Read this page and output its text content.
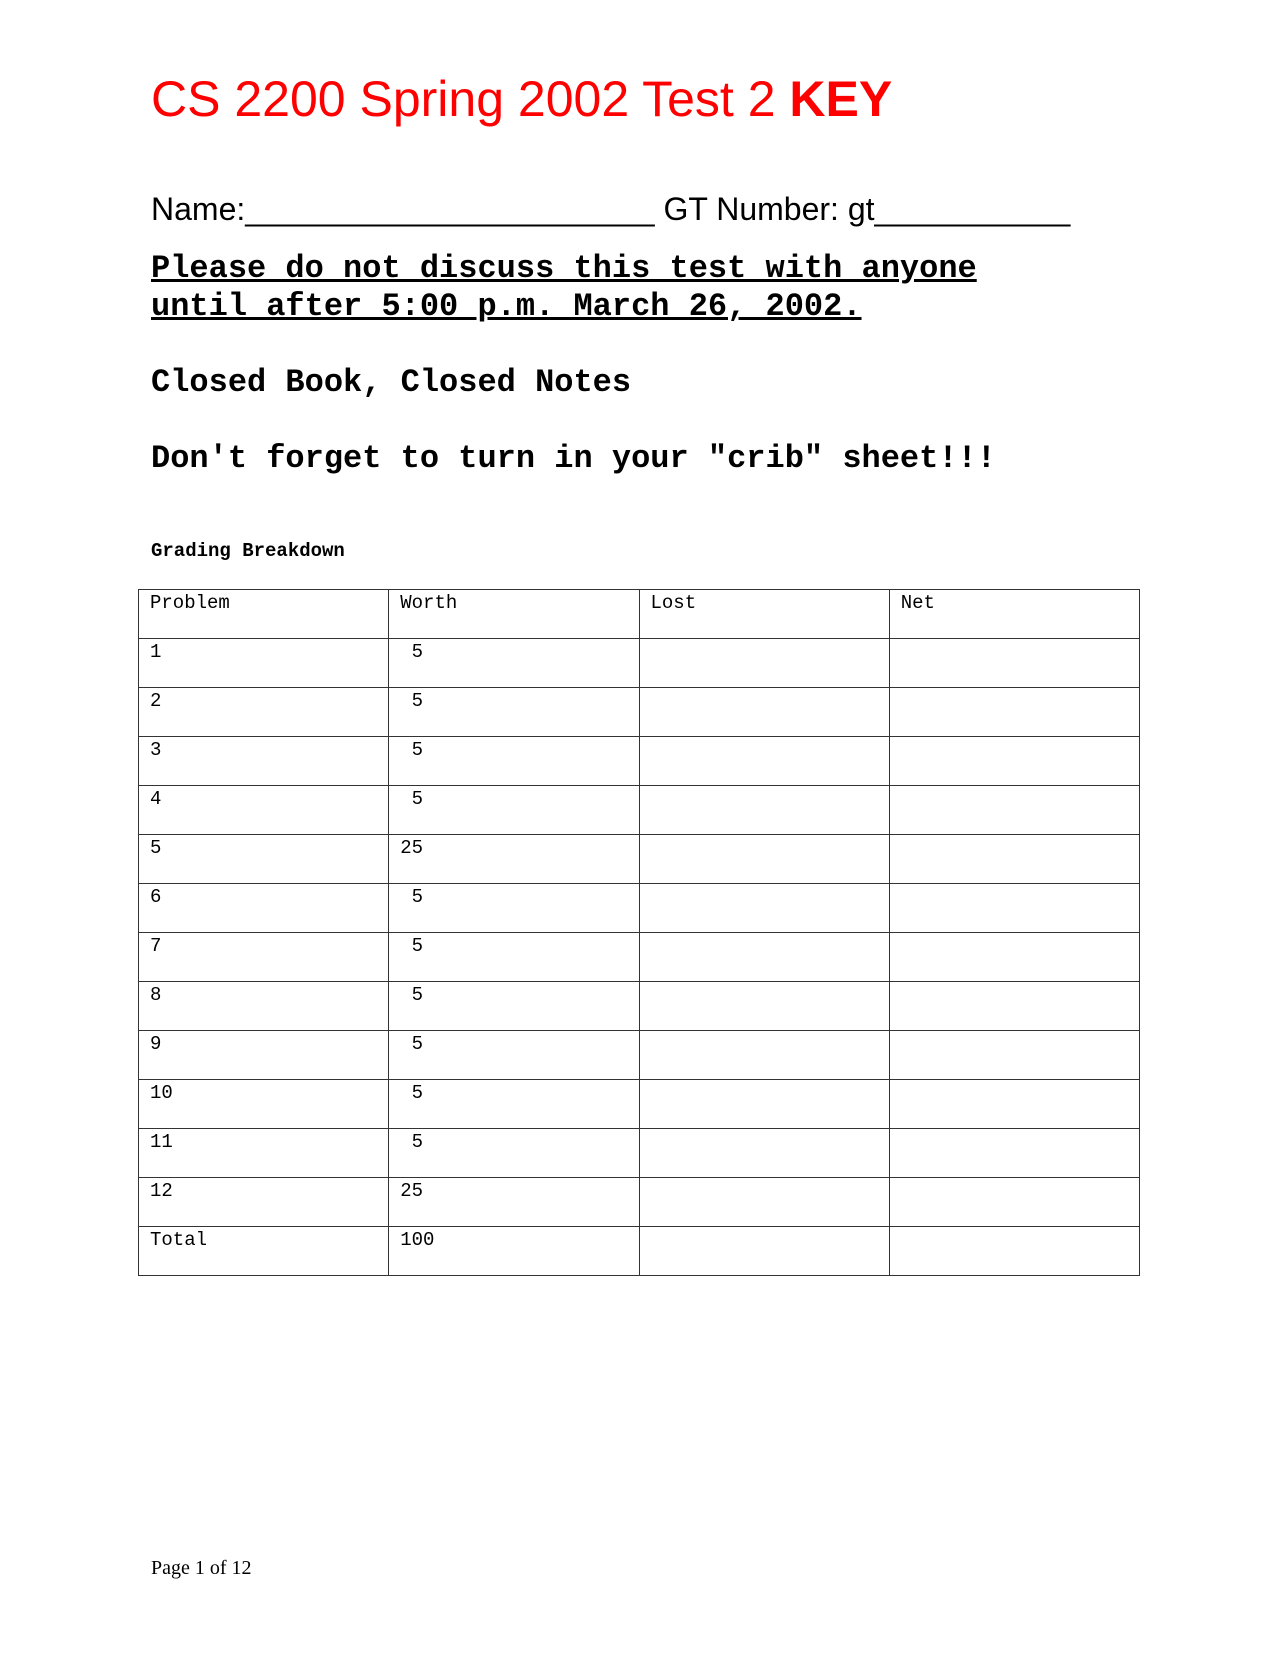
CS 2200 Spring 2002 Test 2 KEY
Name:_______________________ GT Number: gt___________
Please do not discuss this test with anyone
until after 5:00 p.m. March 26, 2002.
Closed Book, Closed Notes
Don't forget to turn in your "crib" sheet!!!
Grading Breakdown
Problem	Worth	Lost	Net
1	5		
2	5		
3	5		
4	5		
5	25		
6	5		
7	5		
8	5		
9	5		
10	5		
11	5		
12	25		
Total	100		
Page 1 of 12
